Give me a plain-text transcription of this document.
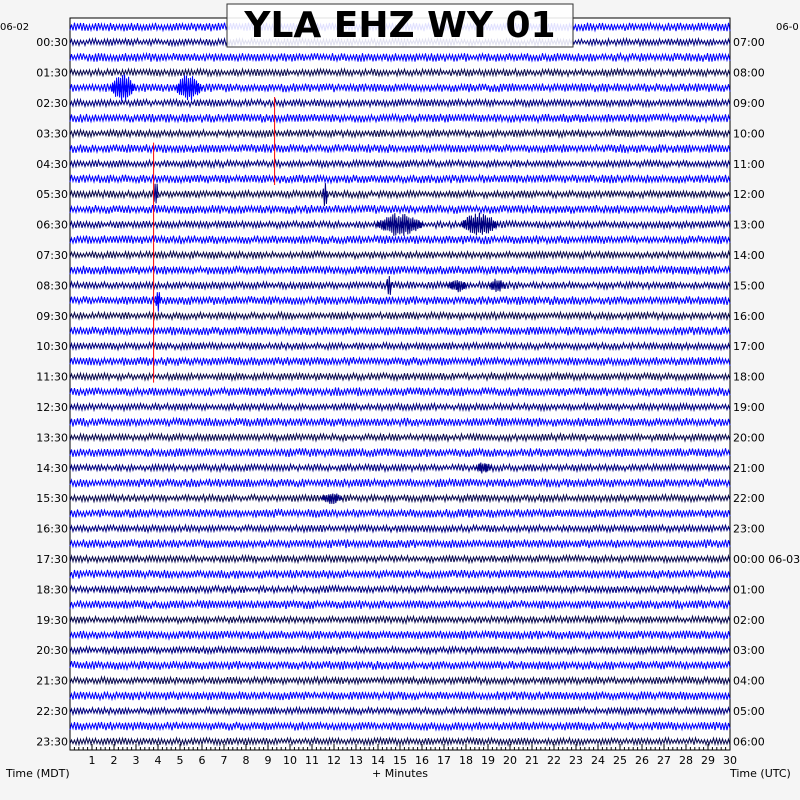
00:30
01:30
02:30
03:30
04:30
05:30
06:30
07:30
08:30
09:30
10:30
11:30
12:30
13:30
14:30
15:30
16:30
17:30
18:30
19:30
20:30
21:30
22:30
23:30
07:00
08:00
09:00
10:00
11:00
12:00
13:00
14:00
15:00
16:00
17:00
18:00
19:00
20:00
21:00
22:00
23:00
00:00 06-03
01:00
02:00
03:00
04:00
05:00
06:00
1 2 3 4 5 6 7 8 9 10 11 12 13 14 15 16 17 18 19 20 21 22 23 24 25 26 27 28 29 30
06-02	06-0
YLA EHZ WY 01
Time (MDT)	+ Minutes	Time (UTC)
